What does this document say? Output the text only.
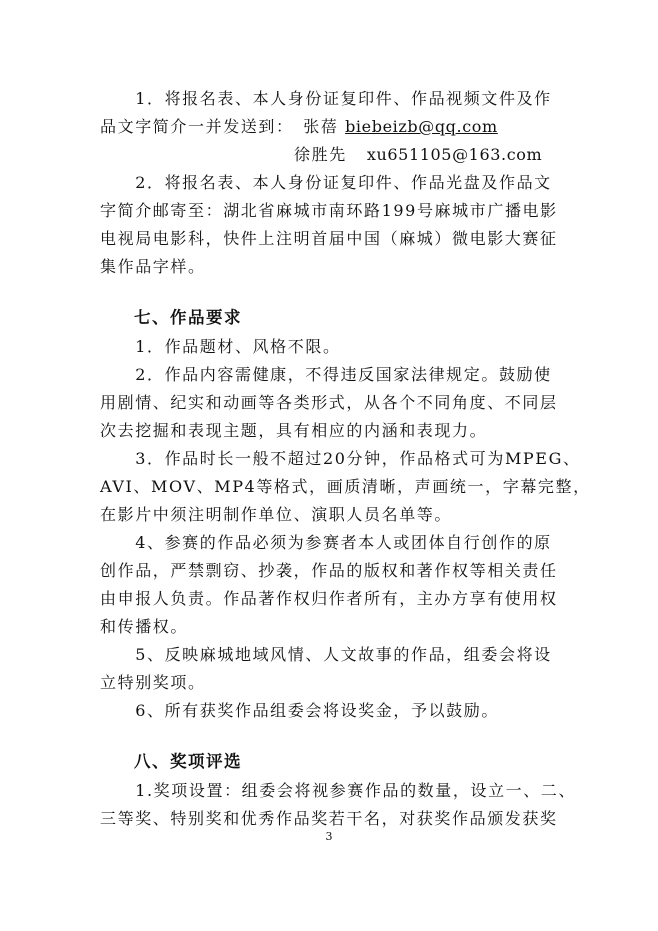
　　1．将报名表、本人身份证复印件、作品视频文件及作
品文字简介一并发送到：　张蓓 biebeizb@qq.com
徐胜先 xu651105@163.com
　　2．将报名表、本人身份证复印件、作品光盘及作品文
字简介邮寄至：湖北省麻城市南环路199号麻城市广播电影
电视局电影科，快件上注明首届中国（麻城）微电影大赛征
集作品字样。
七、作品要求
　　1．作品题材、风格不限。
　　2．作品内容需健康，不得违反国家法律规定。鼓励使
用剧情、纪实和动画等各类形式，从各个不同角度、不同层
次去挖掘和表现主题，具有相应的内涵和表现力。
　　3．作品时长一般不超过20分钟，作品格式可为MPEG、
AVI、MOV、MP4等格式，画质清晰，声画统一，字幕完整，
在影片中须注明制作单位、演职人员名单等。
　　4、参赛的作品必须为参赛者本人或团体自行创作的原
创作品，严禁剽窃、抄袭，作品的版权和著作权等相关责任
由申报人负责。作品著作权归作者所有，主办方享有使用权
和传播权。
　　5、反映麻城地域风情、人文故事的作品，组委会将设
立特别奖项。
　　6、所有获奖作品组委会将设奖金，予以鼓励。
八、奖项评选
　　1.奖项设置：组委会将视参赛作品的数量，设立一、二、
三等奖、特别奖和优秀作品奖若干名，对获奖作品颁发获奖
3
